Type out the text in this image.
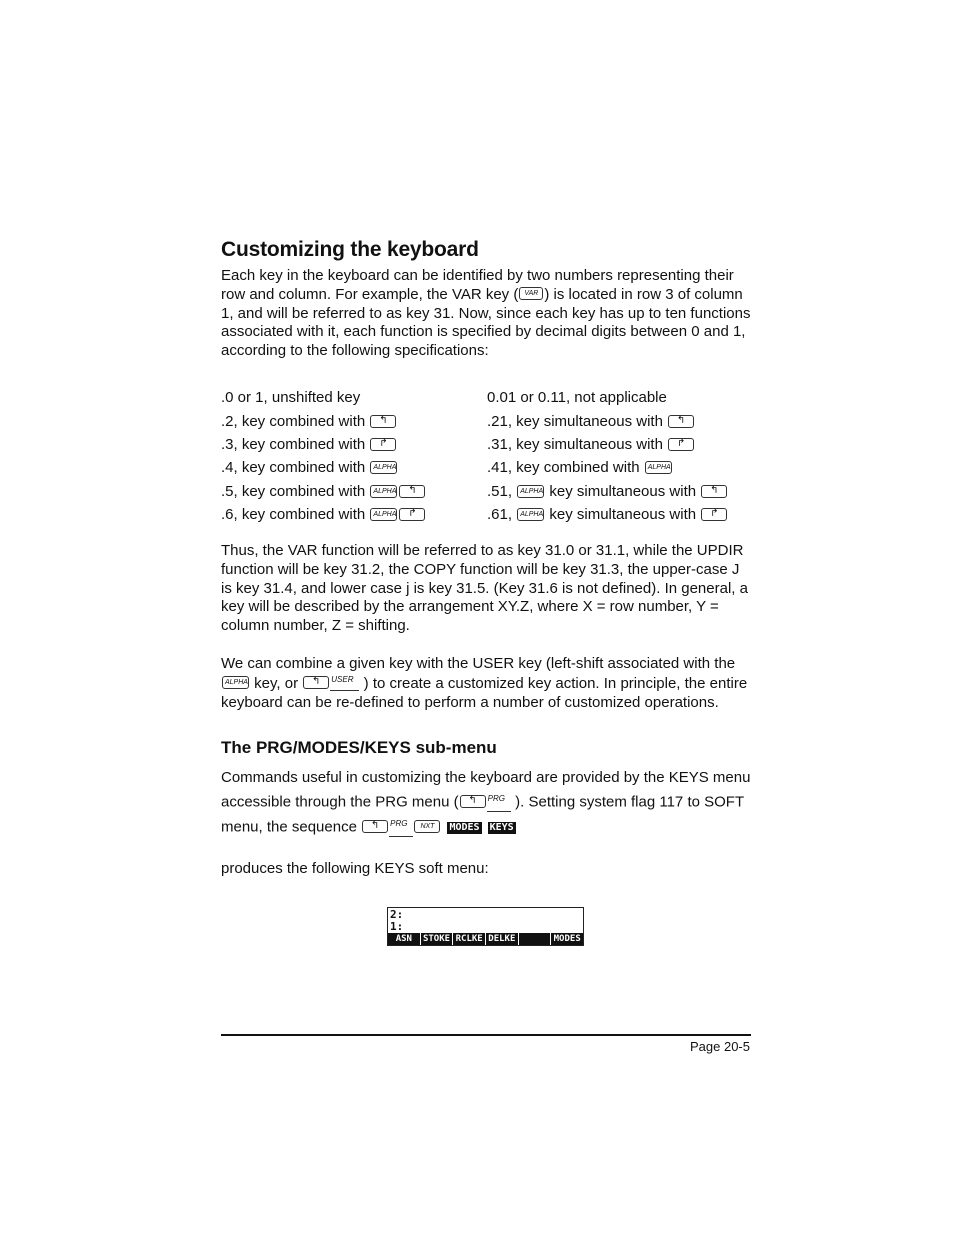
Customizing the keyboard

Each key in the keyboard can be identified by two numbers representing their row and column. For example, the VAR key ( VAR ) is located in row 3 of column 1, and will be referred to as key 31. Now, since each key has up to ten functions associated with it, each function is specified by decimal digits between 0 and 1, according to the following specifications:

.0 or 1, unshifted key
.2, key combined with ↰
.3, key combined with ↱
.4, key combined with ALPHA
.5, key combined with ALPHA ↰
.6, key combined with ALPHA ↱
0.01 or 0.11, not applicable
.21, key simultaneous with ↰
.31, key simultaneous with ↱
.41, key combined with ALPHA
.51, ALPHA key simultaneous with ↰
.61, ALPHA key simultaneous with ↱

Thus, the VAR function will be referred to as key 31.0 or 31.1, while the UPDIR function will be key 31.2, the COPY function will be key 31.3, the upper-case J is key 31.4, and lower case j is key 31.5. (Key 31.6 is not defined). In general, a key will be described by the arrangement XY.Z, where X = row number, Y = column number, Z = shifting.

We can combine a given key with the USER key (left-shift associated with the ALPHA key, or ↰ USER ) to create a customized key action. In principle, the entire keyboard can be re-defined to perform a number of customized operations.

The PRG/MODES/KEYS sub-menu

Commands useful in customizing the keyboard are provided by the KEYS menu accessible through the PRG menu ( ↰ PRG ). Setting system flag 117 to SOFT menu, the sequence ↰ PRG NXT MODES KEYS

produces the following KEYS soft menu:

2:
1:
ASN	STOKE RCLKE DELKE	MODES
Page 20-5
